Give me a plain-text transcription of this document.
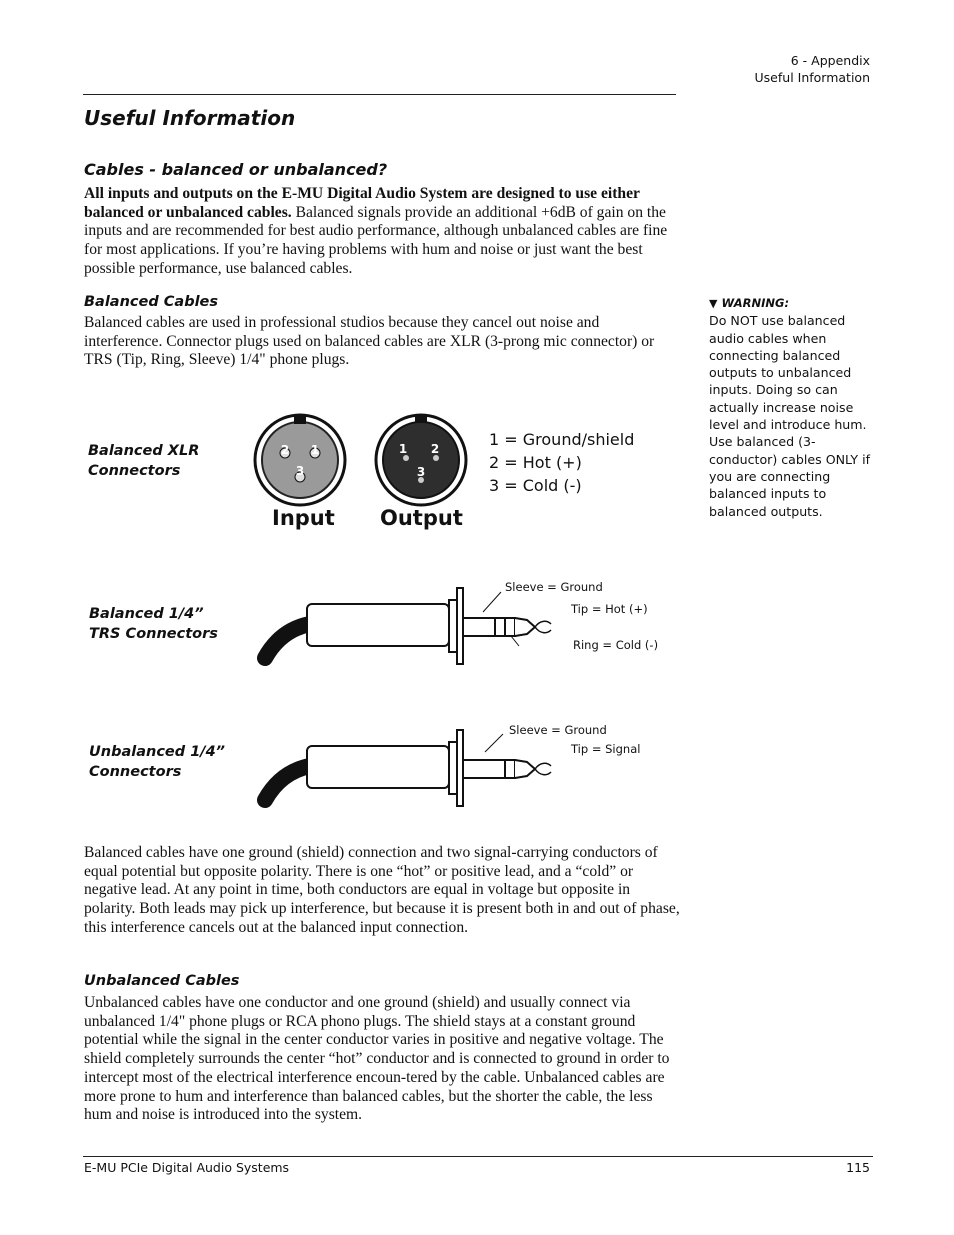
6 - Appendix
Useful Information
Useful Information
Cables - balanced or unbalanced?

All inputs and outputs on the E-MU Digital Audio System are designed to use either balanced or unbalanced cables. Balanced signals provide an additional +6dB of gain on the inputs and are recommended for best audio performance, although unbalanced cables are fine for most applications. If you’re having problems with hum and noise or just want the best possible performance, use balanced cables.

Balanced Cables

Balanced cables are used in professional studios because they cancel out noise and interference. Connector plugs used on balanced cables are XLR (3-prong mic connector) or TRS (Tip, Ring, Sleeve) 1/4" phone plugs.

▼ WARNING:
Do NOT use balanced audio cables when connecting balanced outputs to unbalanced inputs. Doing so can actually increase noise level and introduce hum. Use balanced (3-conductor) cables ONLY if you are connecting balanced inputs to balanced outputs.
Balanced XLR
Connectors
2 1
3
1 2
3
1 = Ground/shield
2 = Hot (+)
3 = Cold (-)
Input Output
Balanced 1/4”
TRS Connectors
Sleeve = Ground
Tip = Hot (+)
Ring = Cold (-)
Unbalanced 1/4”
Connectors
Sleeve = Ground
Tip = Signal

Balanced cables have one ground (shield) connection and two signal-carrying conductors of equal potential but opposite polarity. There is one “hot” or positive lead, and a “cold” or negative lead. At any point in time, both conductors are equal in voltage but opposite in polarity. Both leads may pick up interference, but because it is present both in and out of phase, this interference cancels out at the balanced input connection.

Unbalanced Cables

Unbalanced cables have one conductor and one ground (shield) and usually connect via unbalanced 1/4" phone plugs or RCA phono plugs. The shield stays at a constant ground potential while the signal in the center conductor varies in positive and negative voltage. The shield completely surrounds the center “hot” conductor and is connected to ground in order to intercept most of the electrical interference encoun-tered by the cable. Unbalanced cables are more prone to hum and interference than balanced cables, but the shorter the cable, the less hum and noise is introduced into the system.

E-MU PCIe Digital Audio Systems	115
